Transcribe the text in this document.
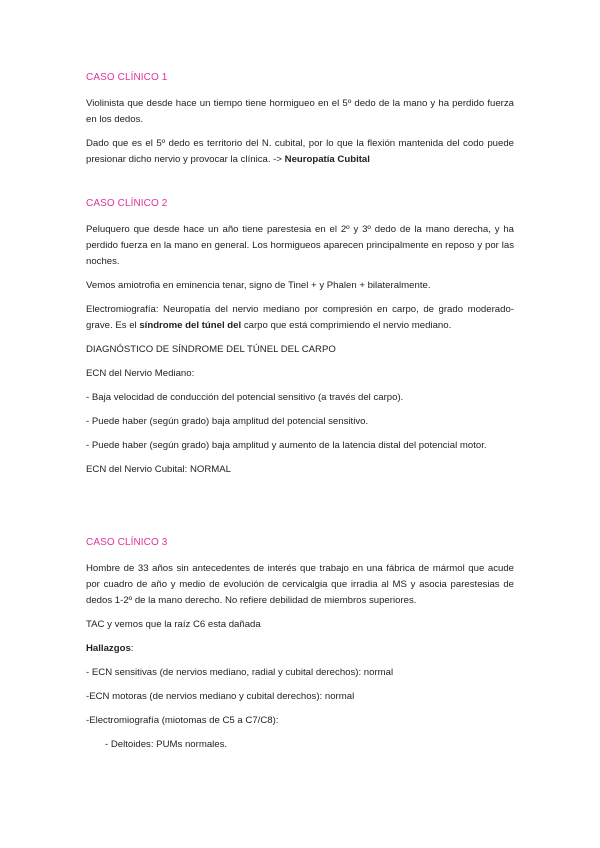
CASO CLÍNICO 1

Violinista que desde hace un tiempo tiene hormigueo en el 5º dedo de la mano y ha perdido fuerza en los dedos.

Dado que es el 5º dedo es territorio del N. cubital, por lo que la flexión mantenida del codo puede presionar dicho nervio y provocar la clínica. -> Neuropatía Cubital

CASO CLÍNICO 2

Peluquero que desde hace un año tiene parestesia en el 2º y 3º dedo de la mano derecha, y ha perdido fuerza en la mano en general. Los hormigueos aparecen principalmente en reposo y por las noches.

Vemos amiotrofia en eminencia tenar, signo de Tinel + y Phalen + bilateralmente.

Electromiografía: Neuropatía del nervio mediano por compresión en carpo, de grado moderado-grave. Es el síndrome del túnel del carpo que está comprimiendo el nervio mediano.

DIAGNÓSTICO DE SÍNDROME DEL TÚNEL DEL CARPO

ECN del Nervio Mediano:

- Baja velocidad de conducción del potencial sensitivo (a través del carpo).

- Puede haber (según grado) baja amplitud del potencial sensitivo.

- Puede haber (según grado) baja amplitud y aumento de la latencia distal del potencial motor.

ECN del Nervio Cubital: NORMAL

CASO CLÍNICO 3

Hombre de 33 años sin antecedentes de interés que trabajo en una fábrica de mármol que acude por cuadro de año y medio de evolución de cervicalgia que irradia al MS y asocia parestesias de dedos 1-2º de la mano derecho. No refiere debilidad de miembros superiores.

TAC y vemos que la raíz C6 esta dañada

Hallazgos:

- ECN sensitivas (de nervios mediano, radial y cubital derechos): normal

-ECN motoras (de nervios mediano y cubital derechos): normal

-Electromiografía (miotomas de C5 a C7/C8):

- Deltoides: PUMs normales.
